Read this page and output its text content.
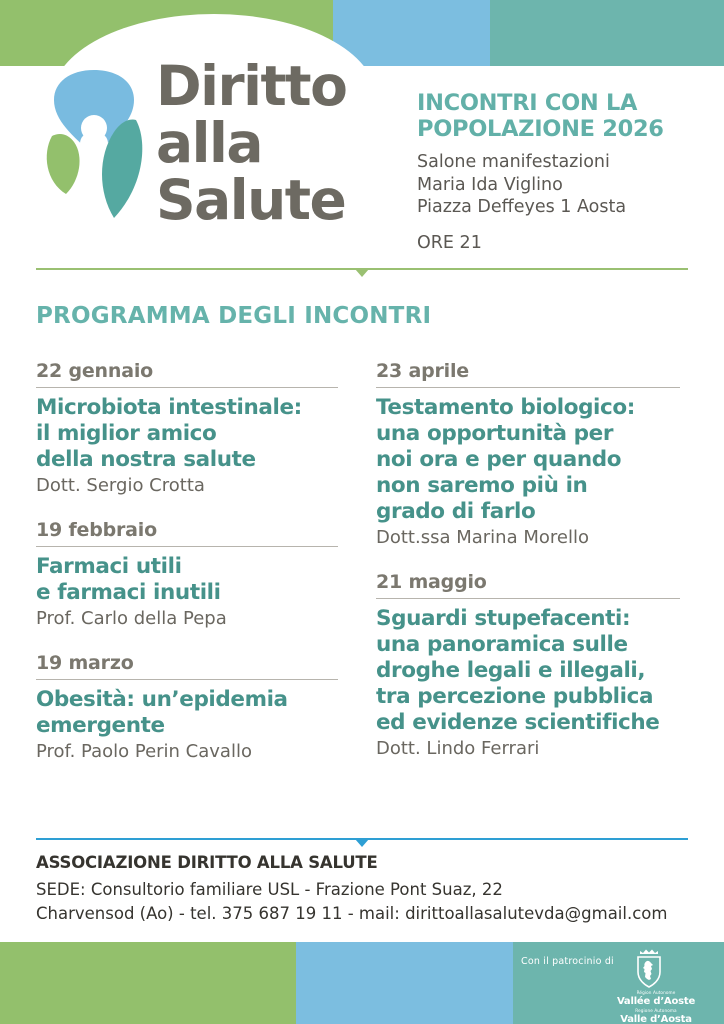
Diritto
alla
Salute
INCONTRI CON LA
POPOLAZIONE 2026
Salone manifestazioni
Maria Ida Viglino
Piazza Deffeyes 1 Aosta
ORE 21
PROGRAMMA DEGLI INCONTRI
22 gennaio
Microbiota intestinale:
il miglior amico
della nostra salute
Dott. Sergio Crotta
19 febbraio
Farmaci utili
e farmaci inutili
Prof. Carlo della Pepa
19 marzo
Obesità: un’epidemia
emergente
Prof. Paolo Perin Cavallo
23 aprile
Testamento biologico:
una opportunità per
noi ora e per quando
non saremo più in
grado di farlo
Dott.ssa Marina Morello
21 maggio
Sguardi stupefacenti:
una panoramica sulle
droghe legali e illegali,
tra percezione pubblica
ed evidenze scientifiche
Dott. Lindo Ferrari
ASSOCIAZIONE DIRITTO ALLA SALUTE
SEDE: Consultorio familiare USL - Frazione Pont Suaz, 22
Charvensod (Ao) - tel. 375 687 19 11 - mail: dirittoallasalutevda@gmail.com
Con il patrocinio di
Région Autonome
Vallée d’Aoste
Regione Autonoma
Valle d’Aosta
